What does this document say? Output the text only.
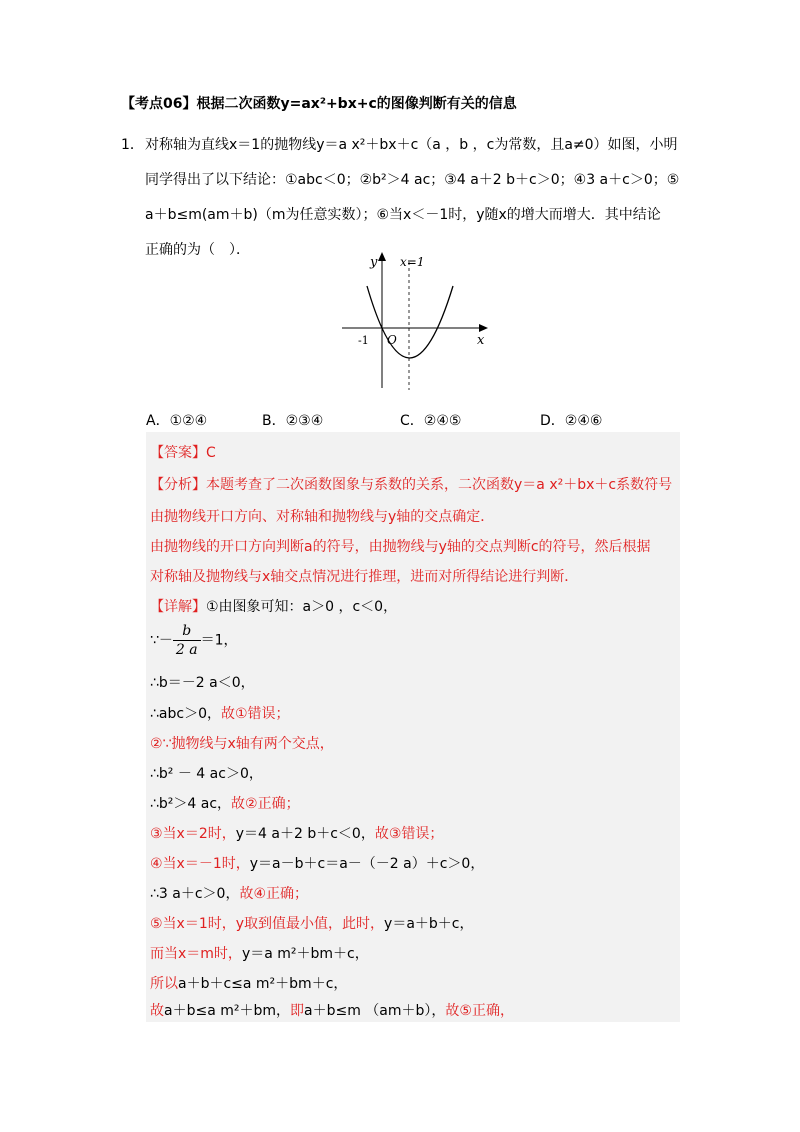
【考点06】根据二次函数y=ax²+bx+c的图像判断有关的信息
1． 对称轴为直线x＝1的抛物线y＝a x²＋bx＋c（a ，b ，c为常数，且a≠0）如图，小明
同学得出了以下结论：①abc＜0；②b²＞4 ac；③4 a＋2 b＋c＞0；④3 a＋c＞0；⑤
a＋b≤m(am＋b)（m为任意实数）；⑥当x＜－1时，y随x的增大而增大．其中结论
正确的为（　）．
y x=1
-1 O	x
A．①②④	B．②③④	C．②④⑤	D．②④⑥
【答案】C
【分析】本题考查了二次函数图象与系数的关系，二次函数y＝a x²＋bx＋c系数符号
由抛物线开口方向、对称轴和抛物线与y轴的交点确定．
由抛物线的开口方向判断a的符号，由抛物线与y轴的交点判断c的符号，然后根据
对称轴及抛物线与x轴交点情况进行推理，进而对所得结论进行判断．
【详解】①由图象可知：a＞0 ，c＜0，
∵－ $\frac{b}{2 a} =1$，
∴b＝－2 a＜0，
∴abc＞0，故①错误；
②∵抛物线与x轴有两个交点，
∴b² － 4 ac＞0，
∴b²＞4 ac，故②正确；
③当x＝2时，y＝4 a＋2 b＋c＜0，故③错误；
④当x＝－1时，y＝a－b＋c＝a－（－2 a）＋c＞0，
∴3 a＋c＞0，故④正确；
⑤当x＝1时，y取到值最小值，此时，y＝a＋b＋c，
而当x＝m时，y＝a m²＋bm＋c，
所以a＋b＋c≤a m²＋bm＋c，
故a＋b≤a m²＋bm，即a＋b≤m （am＋b），故⑤正确，
